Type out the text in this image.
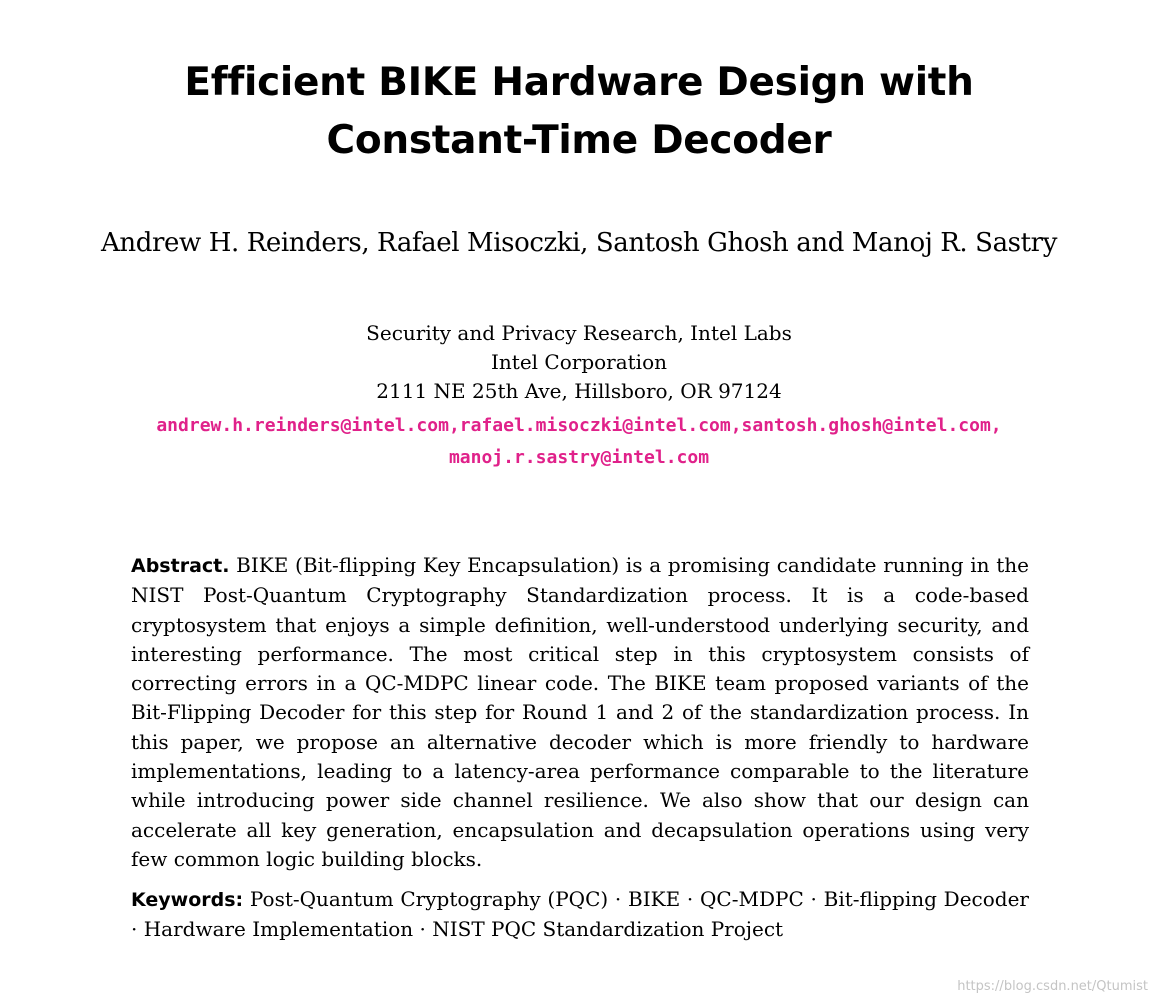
Efficient BIKE Hardware Design with
Constant-Time Decoder
Andrew H. Reinders, Rafael Misoczki, Santosh Ghosh and Manoj R. Sastry
Security and Privacy Research, Intel Labs
Intel Corporation
2111 NE 25th Ave, Hillsboro, OR 97124
andrew.h.reinders@intel.com,rafael.misoczki@intel.com,santosh.ghosh@intel.com,
manoj.r.sastry@intel.com
Abstract. BIKE (Bit-flipping Key Encapsulation) is a promising candidate running in the NIST Post-Quantum Cryptography Standardization process. It is a code-based cryptosystem that enjoys a simple definition, well-understood underlying security, and interesting performance. The most critical step in this cryptosystem consists of correcting errors in a QC-MDPC linear code. The BIKE team proposed variants of the Bit-Flipping Decoder for this step for Round 1 and 2 of the standardization process. In this paper, we propose an alternative decoder which is more friendly to hardware implementations, leading to a latency-area performance comparable to the literature while introducing power side channel resilience. We also show that our design can accelerate all key generation, encapsulation and decapsulation operations using very few common logic building blocks.
Keywords: Post-Quantum Cryptography (PQC) · BIKE · QC-MDPC · Bit-flipping Decoder · Hardware Implementation · NIST PQC Standardization Project
https://blog.csdn.net/Qtumist
